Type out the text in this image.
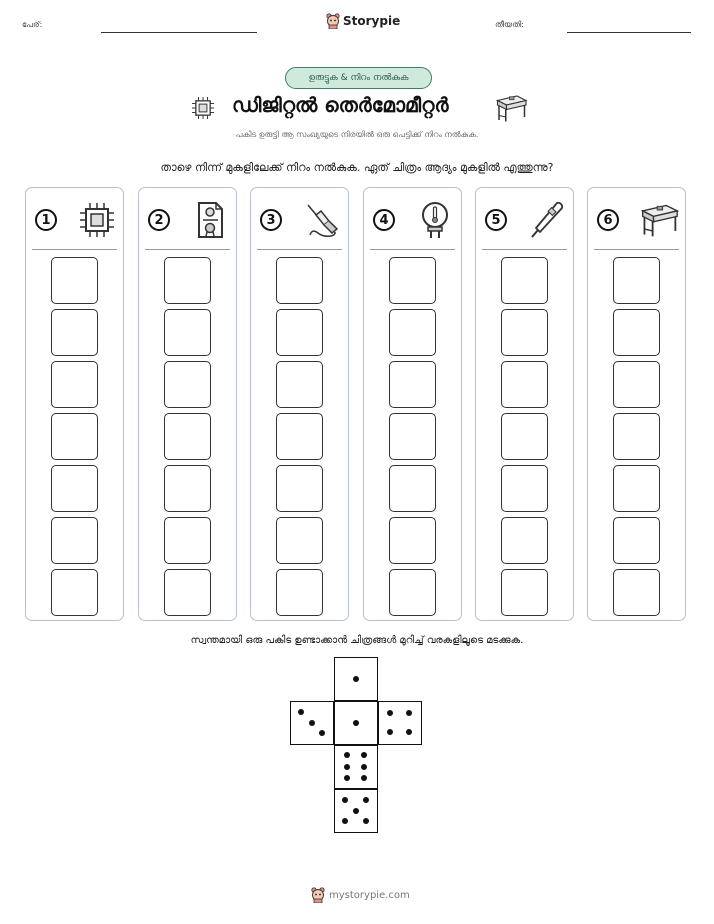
പേര്:	Storypie	തീയതി:
ഉരുട്ടുക & നിറം നൽകുക
ഡിജിറ്റൽ തെർമോമീറ്റർ
പകിട ഉരുട്ടി ആ സംഖ്യയുടെ നിരയിൽ ഒരു പെട്ടിക്ക് നിറം നൽകുക.
താഴെ നിന്ന് മുകളിലേക്ക് നിറം നൽകുക. ഏത് ചിത്രം ആദ്യം മുകളിൽ എത്തുന്നു?
1	2	3	4	5	6
സ്വന്തമായി ഒരു പകിട ഉണ്ടാക്കാൻ ചിത്രങ്ങൾ മുറിച്ച് വരകളിലൂടെ മടക്കുക.
mystorypie.com
